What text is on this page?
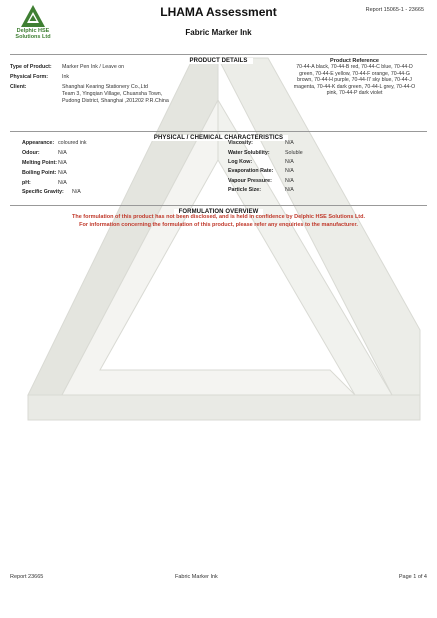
Delphic HSE
Solutions Ltd
LHAMA Assessment	Report 15065-1 - 23665
Fabric Marker Ink
PRODUCT DETAILS
Type of Product: Marker Pen Ink / Leave on
Physical Form:	Ink
Client:	Shanghai Kearing Stationery Co.,Ltd
Team 3, Yingqian Village, Chuansha Town,
Pudong District, Shanghai ,201202 P.R.China
Product Reference
70-44-A black, 70-44-B red, 70-44-C blue, 70-44-D
green, 70-44-E yellow, 70-44-F orange, 70-44-G
brown, 70-44-H purple, 70-44-I7 sky blue, 70-44-J
magenta, 70-44-K dark green, 70-44-L grey, 70-44-O
pink, 70-44-P dark violet
PHYSICAL / CHEMICAL CHARACTERISTICS
Appearance: coloured ink
Odour:	N/A
Melting Point: N/A
Boiling Point: N/A
pH:	N/A
Specific Gravity: N/A
Viscosity:	N/A
Water Solubility:	Soluble
Log Kow:	N/A
Evaporation Rate: N/A
Vapour Pressure: N/A
Particle Size:	N/A
FORMULATION OVERVIEW
The formulation of this product has not been disclosed, and is held in confidence by Delphic HSE Solutions Ltd.
For information concerning the formulation of this product, please refer any enquiries to the manufacturer.
Report 23665	Fabric Marker Ink	Page 1 of 4
